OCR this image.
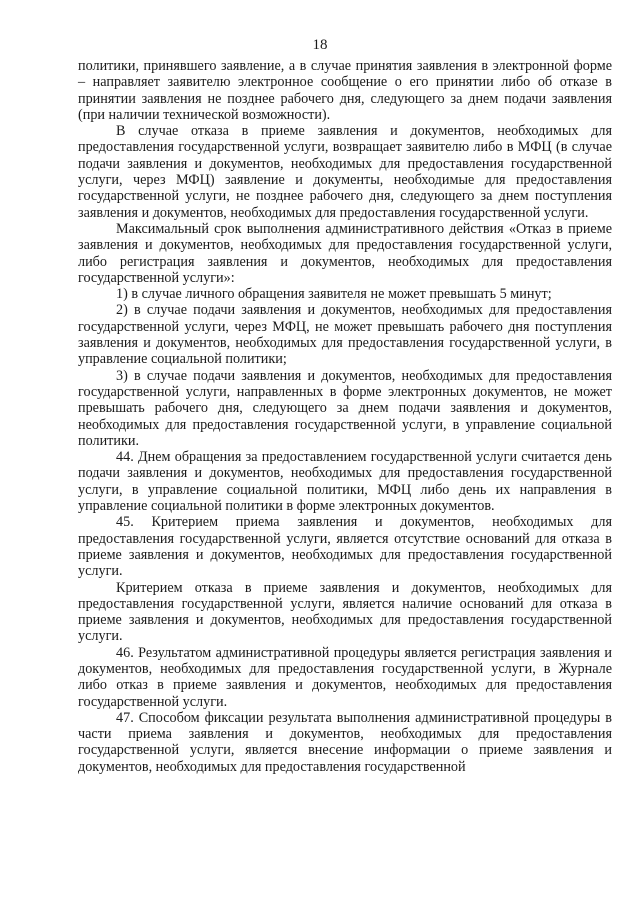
18

политики, принявшего заявление, а в случае принятия заявления в электронной форме – направляет заявителю электронное сообщение о его принятии либо об отказе в принятии заявления не позднее рабочего дня, следующего за днем подачи заявления (при наличии технической возможности).

В случае отказа в приеме заявления и документов, необходимых для предоставления государственной услуги, возвращает заявителю либо в МФЦ (в случае подачи заявления и документов, необходимых для предоставления государственной услуги, через МФЦ) заявление и документы, необходимые для предоставления государственной услуги, не позднее рабочего дня, следующего за днем поступления заявления и документов, необходимых для предоставления государственной услуги.

Максимальный срок выполнения административного действия «Отказ в приеме заявления и документов, необходимых для предоставления государственной услуги, либо регистрация заявления и документов, необходимых для предоставления государственной услуги»:

1) в случае личного обращения заявителя не может превышать 5 минут;

2) в случае подачи заявления и документов, необходимых для предоставления государственной услуги, через МФЦ, не может превышать рабочего дня поступления заявления и документов, необходимых для предоставления государственной услуги, в управление социальной политики;

3) в случае подачи заявления и документов, необходимых для предоставления государственной услуги, направленных в форме электронных документов, не может превышать рабочего дня, следующего за днем подачи заявления и документов, необходимых для предоставления государственной услуги, в управление социальной политики.

44. Днем обращения за предоставлением государственной услуги считается день подачи заявления и документов, необходимых для предоставления государственной услуги, в управление социальной политики, МФЦ либо день их направления в управление социальной политики в форме электронных документов.

45. Критерием приема заявления и документов, необходимых для предоставления государственной услуги, является отсутствие оснований для отказа в приеме заявления и документов, необходимых для предоставления государственной услуги.

Критерием отказа в приеме заявления и документов, необходимых для предоставления государственной услуги, является наличие оснований для отказа в приеме заявления и документов, необходимых для предоставления государственной услуги.

46. Результатом административной процедуры является регистрация заявления и документов, необходимых для предоставления государственной услуги, в Журнале либо отказ в приеме заявления и документов, необходимых для предоставления государственной услуги.

47. Способом фиксации результата выполнения административной процедуры в части приема заявления и документов, необходимых для предоставления государственной услуги, является внесение информации о приеме заявления и документов, необходимых для предоставления государственной
